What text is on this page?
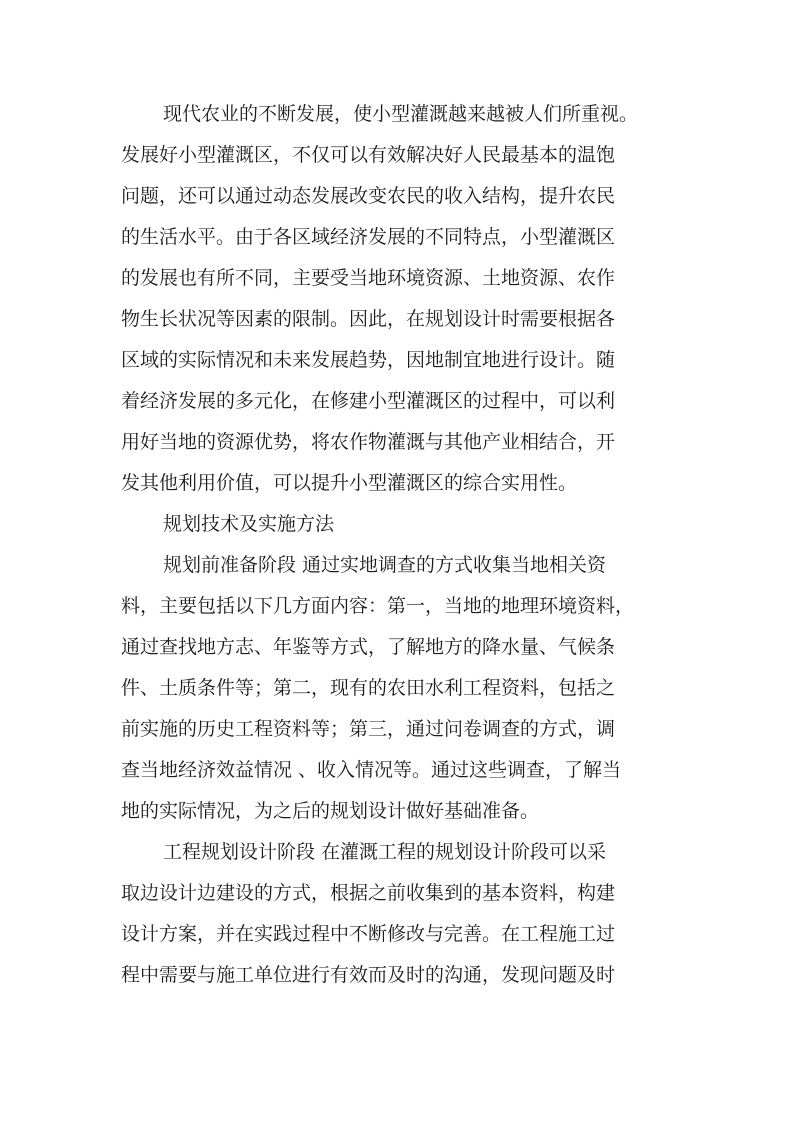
现代农业的不断发展，使小型灌溉越来越被人们所重视。
发展好小型灌溉区，不仅可以有效解决好人民最基本的温饱
问题，还可以通过动态发展改变农民的收入结构，提升农民
的生活水平。由于各区域经济发展的不同特点，小型灌溉区
的发展也有所不同，主要受当地环境资源、土地资源、农作
物生长状况等因素的限制。因此，在规划设计时需要根据各
区域的实际情况和未来发展趋势，因地制宜地进行设计。随
着经济发展的多元化，在修建小型灌溉区的过程中，可以利
用好当地的资源优势，将农作物灌溉与其他产业相结合，开
发其他利用价值，可以提升小型灌溉区的综合实用性。
规划技术及实施方法
规划前准备阶段 通过实地调查的方式收集当地相关资
料，主要包括以下几方面内容：第一，当地的地理环境资料，
通过查找地方志、年鉴等方式，了解地方的降水量、气候条
件、土质条件等；第二，现有的农田水利工程资料，包括之
前实施的历史工程资料等；第三，通过问卷调查的方式，调
查当地经济效益情况 、收入情况等。通过这些调查，了解当
地的实际情况，为之后的规划设计做好基础准备。
工程规划设计阶段 在灌溉工程的规划设计阶段可以采
取边设计边建设的方式，根据之前收集到的基本资料，构建
设计方案，并在实践过程中不断修改与完善。在工程施工过
程中需要与施工单位进行有效而及时的沟通，发现问题及时
